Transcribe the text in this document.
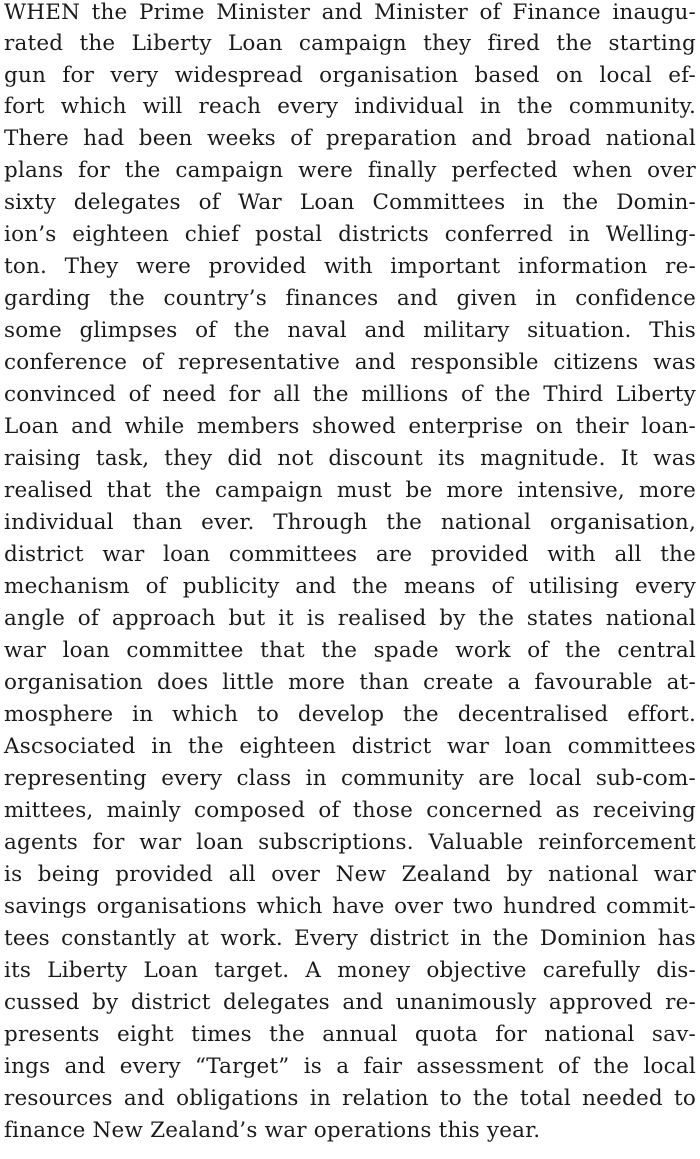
WHEN the Prime Minister and Minister of Finance inaugu-
rated the Liberty Loan campaign they fired the starting
gun for very widespread organisation based on local ef-
fort which will reach every individual in the community.
There had been weeks of preparation and broad national
plans for the campaign were finally perfected when over
sixty delegates of War Loan Committees in the Domin-
ion’s eighteen chief postal districts conferred in Welling-
ton. They were provided with important information re-
garding the country’s finances and given in confidence
some glimpses of the naval and military situation. This
conference of representative and responsible citizens was
convinced of need for all the millions of the Third Liberty
Loan and while members showed enterprise on their loan-
raising task, they did not discount its magnitude. It was
realised that the campaign must be more intensive, more
individual than ever. Through the national organisation,
district war loan committees are provided with all the
mechanism of publicity and the means of utilising every
angle of approach but it is realised by the states national
war loan committee that the spade work of the central
organisation does little more than create a favourable at-
mosphere in which to develop the decentralised effort.
Ascsociated in the eighteen district war loan committees
representing every class in community are local sub-com-
mittees, mainly composed of those concerned as receiving
agents for war loan subscriptions. Valuable reinforcement
is being provided all over New Zealand by national war
savings organisations which have over two hundred commit-
tees constantly at work. Every district in the Dominion has
its Liberty Loan target. A money objective carefully dis-
cussed by district delegates and unanimously approved re-
presents eight times the annual quota for national sav-
ings and every “Target” is a fair assessment of the local
resources and obligations in relation to the total needed to
finance New Zealand’s war operations this year.
